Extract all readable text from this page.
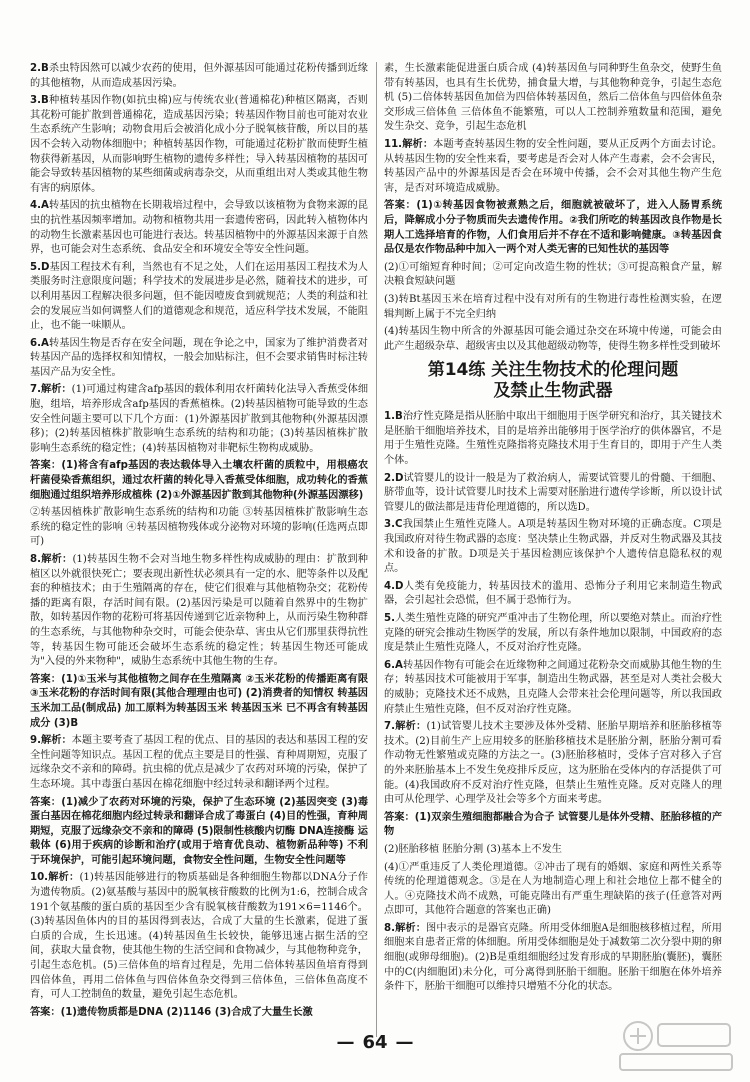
2.B杀虫特因然可以减少农药的使用，但外源基因可能通过花粉传播到近缘的其他植物，从而造成基因污染。
3.B种植转基因作物(如抗虫棉)应与传统农业(普通棉花)种植区隔离，否则其花粉可能扩散到普通棉花，造成基因污染；转基因作物目前也可能对农业生态系统产生影响；动物食用后会被消化成小分子脱氧核苷酸，所以目的基因不会转入动物体细胞中；种植转基因作物，可能通过花粉扩散而使野生植物获得新基因，从而影响野生植物的遗传多样性；导入转基因植物的基因可能会导致转基因植物的某些细菌或病毒杂交，从而重组出对人类或其他生物有害的病原体。
4.A转基因的抗虫植物在长期栽培过程中，会导致以该植物为食物来源的昆虫的抗性基因频率增加。动物和植物共用一套遗传密码，因此转入植物体内的动物生长激素基因也可能进行表达。转基因植物中的外源基因来源于自然界，也可能会对生态系统、食品安全和环境安全等安全性问题。
5.D基因工程技术有利，当然也有不足之处，人们在运用基因工程技术为人类服务时注意限度问题；科学技术的发展进步是必然，随着技术的进步，可以利用基因工程解决很多问题，但不能因噎废食到就规范；人类的利益和社会的发展应当如何调整人们的道德观念和规范，适应科学技术发展，不能阻止，也不能一味顺从。
6.A转基因生物是否存在安全问题，现在争论之中，国家为了维护消费者对转基因产品的选择权和知情权，一般会加贴标注，但不会要求销售时标注转基因产品为安全性。
7.解析：(1)可通过构建含afp基因的载体利用农杆菌转化法导入香蕉受体细胞，组培，培养形成含afp基因的香蕉植株。(2)转基因植物可能导致的生态安全性问题主要可以下几个方面：(1)外源基因扩散到其他物种(外源基因漂移)；(2)转基因植株扩散影响生态系统的结构和功能；(3)转基因植株扩散影响生态系统的稳定性；(4)转基因植物对非靶标生物构成威胁。
答案：(1)将含有afp基因的表达载体导入土壤农杆菌的质粒中，用根癌农杆菌侵染香蕉组织，通过农杆菌的转化导入香蕉受体细胞，成功转化的香蕉细胞通过组织培养形成植株 (2)①外源基因扩散到其他物种(外源基因漂移)
②转基因植株扩散影响生态系统的结构和功能 ③转基因植株扩散影响生态系统的稳定性的影响 ④转基因植物残体或分泌物对环境的影响(任选两点即可)
8.解析：(1)转基因生物不会对当地生物多样性构成威胁的理由：扩散到种植区以外就很快死亡；要表现出新性状必须具有一定的水、肥等条件以及配套的种植技术；由于生殖隔离的存在，使它们很难与其他植物杂交；花粉传播的距离有限，存活时间有限。(2)基因污染是可以随着自然界中的生物扩散，如转基因作物的花粉可将基因传递到它近亲物种上，从而污染生物种群的生态系统，与其他物种杂交时，可能会使杂草、害虫从它们那里获得抗性等，转基因生物可能还会破坏生态系统的稳定性；转基因生物还可能成为"入侵的外来物种"，威胁生态系统中其他生物的生存。
答案：(1)①玉米与其他植物之间存在生殖隔离 ②玉米花粉的传播距离有限 ③玉米花粉的存活时间有限(其他合理理由也可) (2)消费者的知情权 转基因玉米加工品(制成品) 加工原料为转基因玉米 转基因玉米 已不再含有转基因成分 (3)B
9.解析：本题主要考查了基因工程的优点、目的基因的表达和基因工程的安全性问题等知识点。基因工程的优点主要是目的性强、育种周期短，克服了远缘杂交不亲和的障碍。抗虫棉的优点是减少了农药对环境的污染，保护了生态环境。其中毒蛋白基因在棉花细胞中经过转录和翻译两个过程。
答案：(1)减少了农药对环境的污染，保护了生态环境 (2)基因突变 (3)毒蛋白基因在棉花细胞内经过转录和翻译合成了毒蛋白 (4)目的性强，育种周期短，克服了远缘杂交不亲和的障碍 (5)限制性核酸内切酶 DNA连接酶 运载体 (6)用于疾病的诊断和治疗(或用于培育优良动、植物新品种等) 不利于环境保护，可能引起环境问题，食物安全性问题，生物安全性问题等
10.解析：(1)转基因能够进行的物质基础是各种细胞生物都以DNA分子作为遗传物质。(2)氨基酸与基因中的脱氧核苷酸数的比例为1:6，控制合成含191个氨基酸的蛋白质的基因至少含有脱氧核苷酸数为191×6=1146个。(3)转基因鱼体内的目的基因得到表达，合成了大量的生长激素，促进了蛋白质的合成，生长迅速。(4)转基因鱼生长较快，能够迅速占据生活的空间，获取大量食物，使其他生物的生活空间和食物减少，与其他物种竞争，引起生态危机。(5)三倍体鱼的培育过程是，先用二倍体转基因鱼培育得到四倍体鱼，再用二倍体鱼与四倍体鱼杂交得到三倍体鱼，三倍体鱼高度不育，可人工控制鱼的数量，避免引起生态危机。
答案：(1)遗传物质都是DNA (2)1146 (3)合成了大量生长激
素，生长激素能促进蛋白质合成 (4)转基因鱼与同种野生鱼杂交，使野生鱼带有转基因，也具有生长优势，捕食量大增，与其他物种竞争，引起生态危机 (5)二倍体转基因鱼加倍为四倍体转基因鱼，然后二倍体鱼与四倍体鱼杂交形成三倍体鱼 三倍体鱼不能繁殖，可以人工控制养殖数量和范围，避免发生杂交、竞争，引起生态危机
11.解析：本题考查转基因生物的安全性问题，要从正反两个方面去讨论。从转基因生物的安全性来看，要考虑是否会对人体产生毒素，会不会害民，转基因产品中的外源基因是否会在环境中传播，会不会对其他生物产生危害，是否对环境造成威胁。
答案：(1)①转基因食物被煮熟之后，细胞就被破坏了，进入人肠胃系统后，降解成小分子物质而失去遗传作用。②我们所吃的转基因改良作物是长期人工选择培育的作物，人们食用后并不存在不适和影响健康。③转基因食品仅是农作物品种中加入一两个对人类无害的已知性状的基因等
(2)①可缩短育种时间；②可定向改造生物的性状；③可提高粮食产量，解决粮食短缺问题
(3)转Bt基因玉米在培育过程中没有对所有的生物进行毒性检测实验，在逻辑判断上属于不完全归纳
(4)转基因生物中所含的外源基因可能会通过杂交在环境中传递，可能会由此产生超级杂草、超级害虫以及其他超级动物等，使得生物多样性受到破坏
第14练 关注生物技术的伦理问题
及禁止生物武器
1.B治疗性克隆是指从胚胎中取出干细胞用于医学研究和治疗，其关键技术是胚胎干细胞培养技术，目的是培养出能够用于医学治疗的供体器官，不是用于生殖性克隆。生殖性克隆指将克隆技术用于生育目的，即用于产生人类个体。
2.D试管婴儿的设计一般是为了救治病人，需要试管婴儿的骨髓、干细胞、脐带血等，设计试管婴儿时技术上需要对胚胎进行遗传学诊断，所以设计试管婴儿的做法都是违背伦理道德的，所以选D。
3.C我国禁止生殖性克隆人。A项是转基因生物对环境的正确态度。C项是我国政府对待生物武器的态度：坚决禁止生物武器，并反对生物武器及其技术和设备的扩散。D项是关于基因检测应该保护个人遗传信息隐私权的观点。
4.D人类有免疫能力，转基因技术的滥用、恐怖分子利用它来制造生物武器，会引起社会恐慌，但不属于恐怖行为。
5.人类生殖性克隆的研究严重冲击了生物伦理，所以要绝对禁止。而治疗性克隆的研究会推动生物医学的发展，所以有条件地加以限制，中国政府的态度是禁止生殖性克隆人，不反对治疗性克隆。
6.A转基因作物有可能会在近缘物种之间通过花粉杂交而威胁其他生物的生存；转基因技术可能被用于军事，制造出生物武器，甚至是对人类社会极大的威胁；克隆技术还不成熟，且克隆人会带来社会伦理问题等，所以我国政府禁止生殖性克隆，但不反对治疗性克隆。
7.解析：(1)试管婴儿技术主要涉及体外受精、胚胎早期培养和胚胎移植等技术。(2)目前生产上应用较多的胚胎移植技术是胚胎分割，胚胎分割可看作动物无性繁殖或克隆的方法之一。(3)胚胎移植时，受体子宫对移入子宫的外来胚胎基本上不发生免疫排斥反应，这为胚胎在受体内的存活提供了可能。(4)我国政府不反对治疗性克隆，但禁止生殖性克隆。反对克隆人的理由可从伦理学、心理学及社会等多个方面来考虑。
答案：(1)双亲生殖细胞都融合为合子 试管婴儿是体外受精、胚胎移植的产物
(2)胚胎移植 胚胎分割 (3)基本上不发生
(4)①严重违反了人类伦理道德。②冲击了现有的婚姻、家庭和两性关系等传统的伦理道德观念。③是在人为地制造心理上和社会地位上都不健全的人。④克隆技术尚不成熟，可能克隆出有严重生理缺陷的孩子(任意答对两点即可，其他符合题意的答案也正确)
8.解析：图中表示的是器官克隆。所用受体细胞A是细胞核移植过程，所用细胞来自患者正常的体细胞。所用受体细胞是处于减数第二次分裂中期的卵细胞(或卵母细胞)。(2)B是重组细胞经过发育形成的早期胚胎(囊胚)，囊胚中的C(内细胞团)未分化，可分离得到胚胎干细胞。胚胎干细胞在体外培养条件下，胚胎干细胞可以维持只增殖不分化的状态。
— 64 —
